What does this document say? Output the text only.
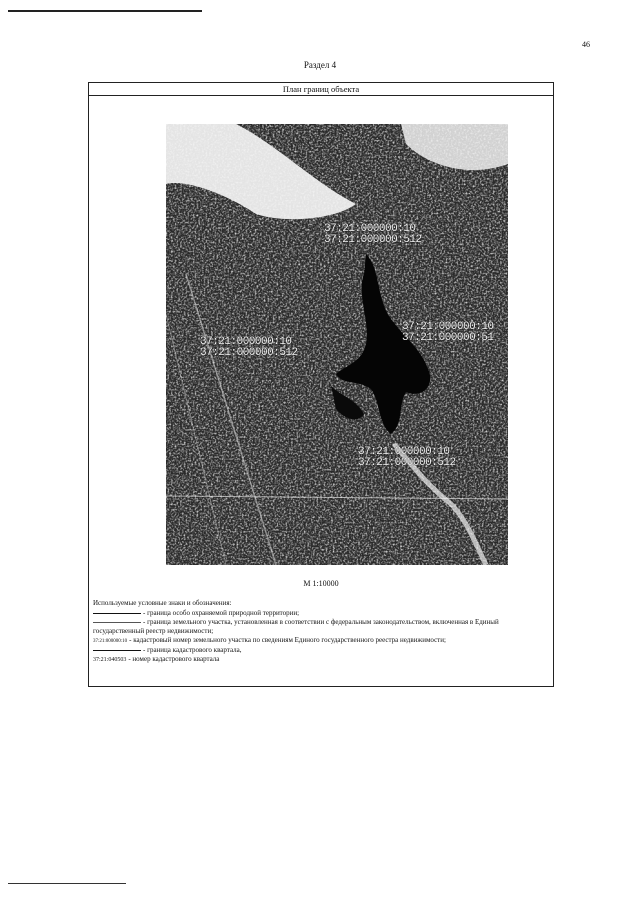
46
Раздел 4
План границ объекта
37:21:000000:10
37:21:000000:512
37:21:000000:10
37:21:000000:512
37:21:000000:10
37:21:000000:51
37:21:000000:10
37:21:000000:512
М 1:10000
Используемые условные знаки и обозначения:
- граница особо охраняемой природной территории;
- граница земельного участка, установленная в соответствии с федеральным законодательством, включенная в Единый государственный реестр недвижимости;
37:21:000000:10 - кадастровый номер земельного участка по сведениям Единого государственного реестра недвижимости;
- граница кадастрового квартала,
37:21:040503 - номер кадастрового квартала
